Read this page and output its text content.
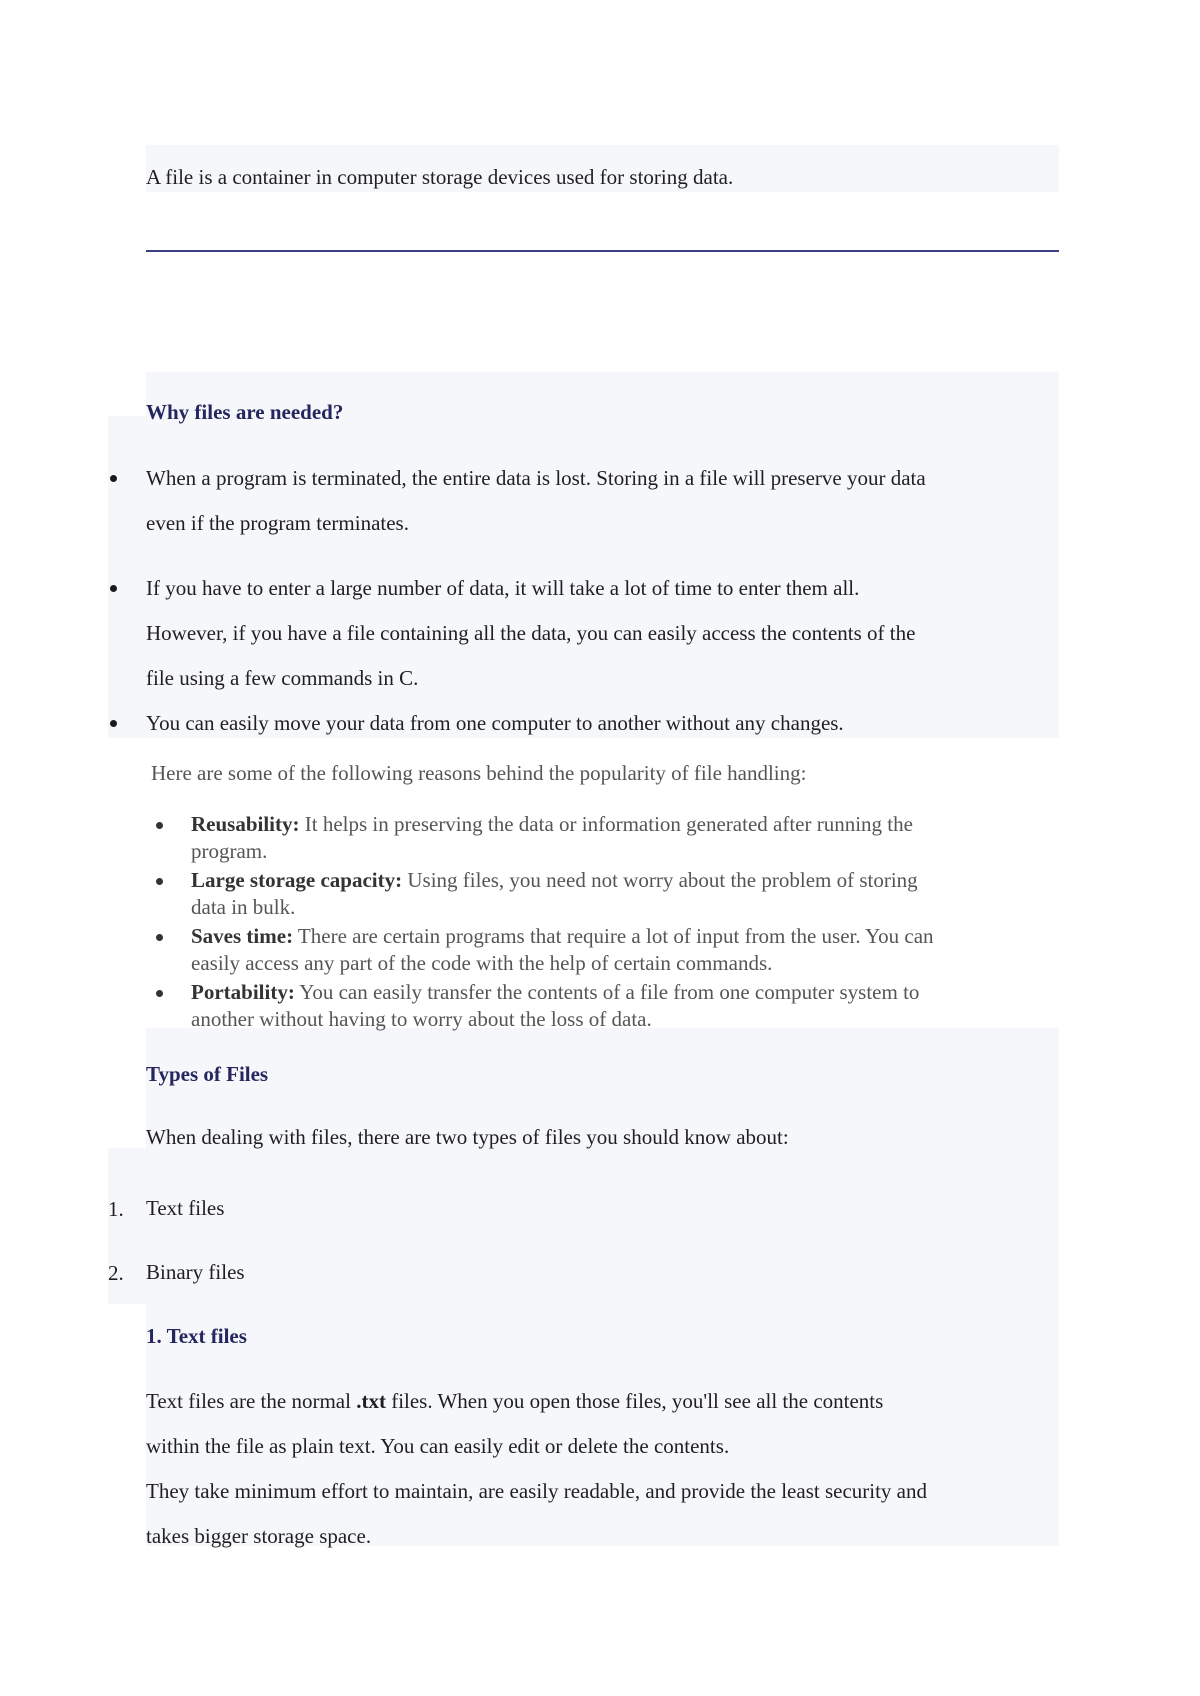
A file is a container in computer storage devices used for storing data.

Why files are needed?

When a program is terminated, the entire data is lost. Storing in a file will preserve your data

even if the program terminates.

If you have to enter a large number of data, it will take a lot of time to enter them all.

However, if you have a file containing all the data, you can easily access the contents of the

file using a few commands in C.

You can easily move your data from one computer to another without any changes.

Here are some of the following reasons behind the popularity of file handling:

Reusability: It helps in preserving the data or information generated after running the
program.
Large storage capacity: Using files, you need not worry about the problem of storing
data in bulk.
Saves time: There are certain programs that require a lot of input from the user. You can
easily access any part of the code with the help of certain commands.
Portability: You can easily transfer the contents of a file from one computer system to
another without having to worry about the loss of data.
Types of Files

When dealing with files, there are two types of files you should know about:

1. Text files

2. Binary files

1. Text files

Text files are the normal .txt files. When you open those files, you'll see all the contents

within the file as plain text. You can easily edit or delete the contents.

They take minimum effort to maintain, are easily readable, and provide the least security and

takes bigger storage space.
